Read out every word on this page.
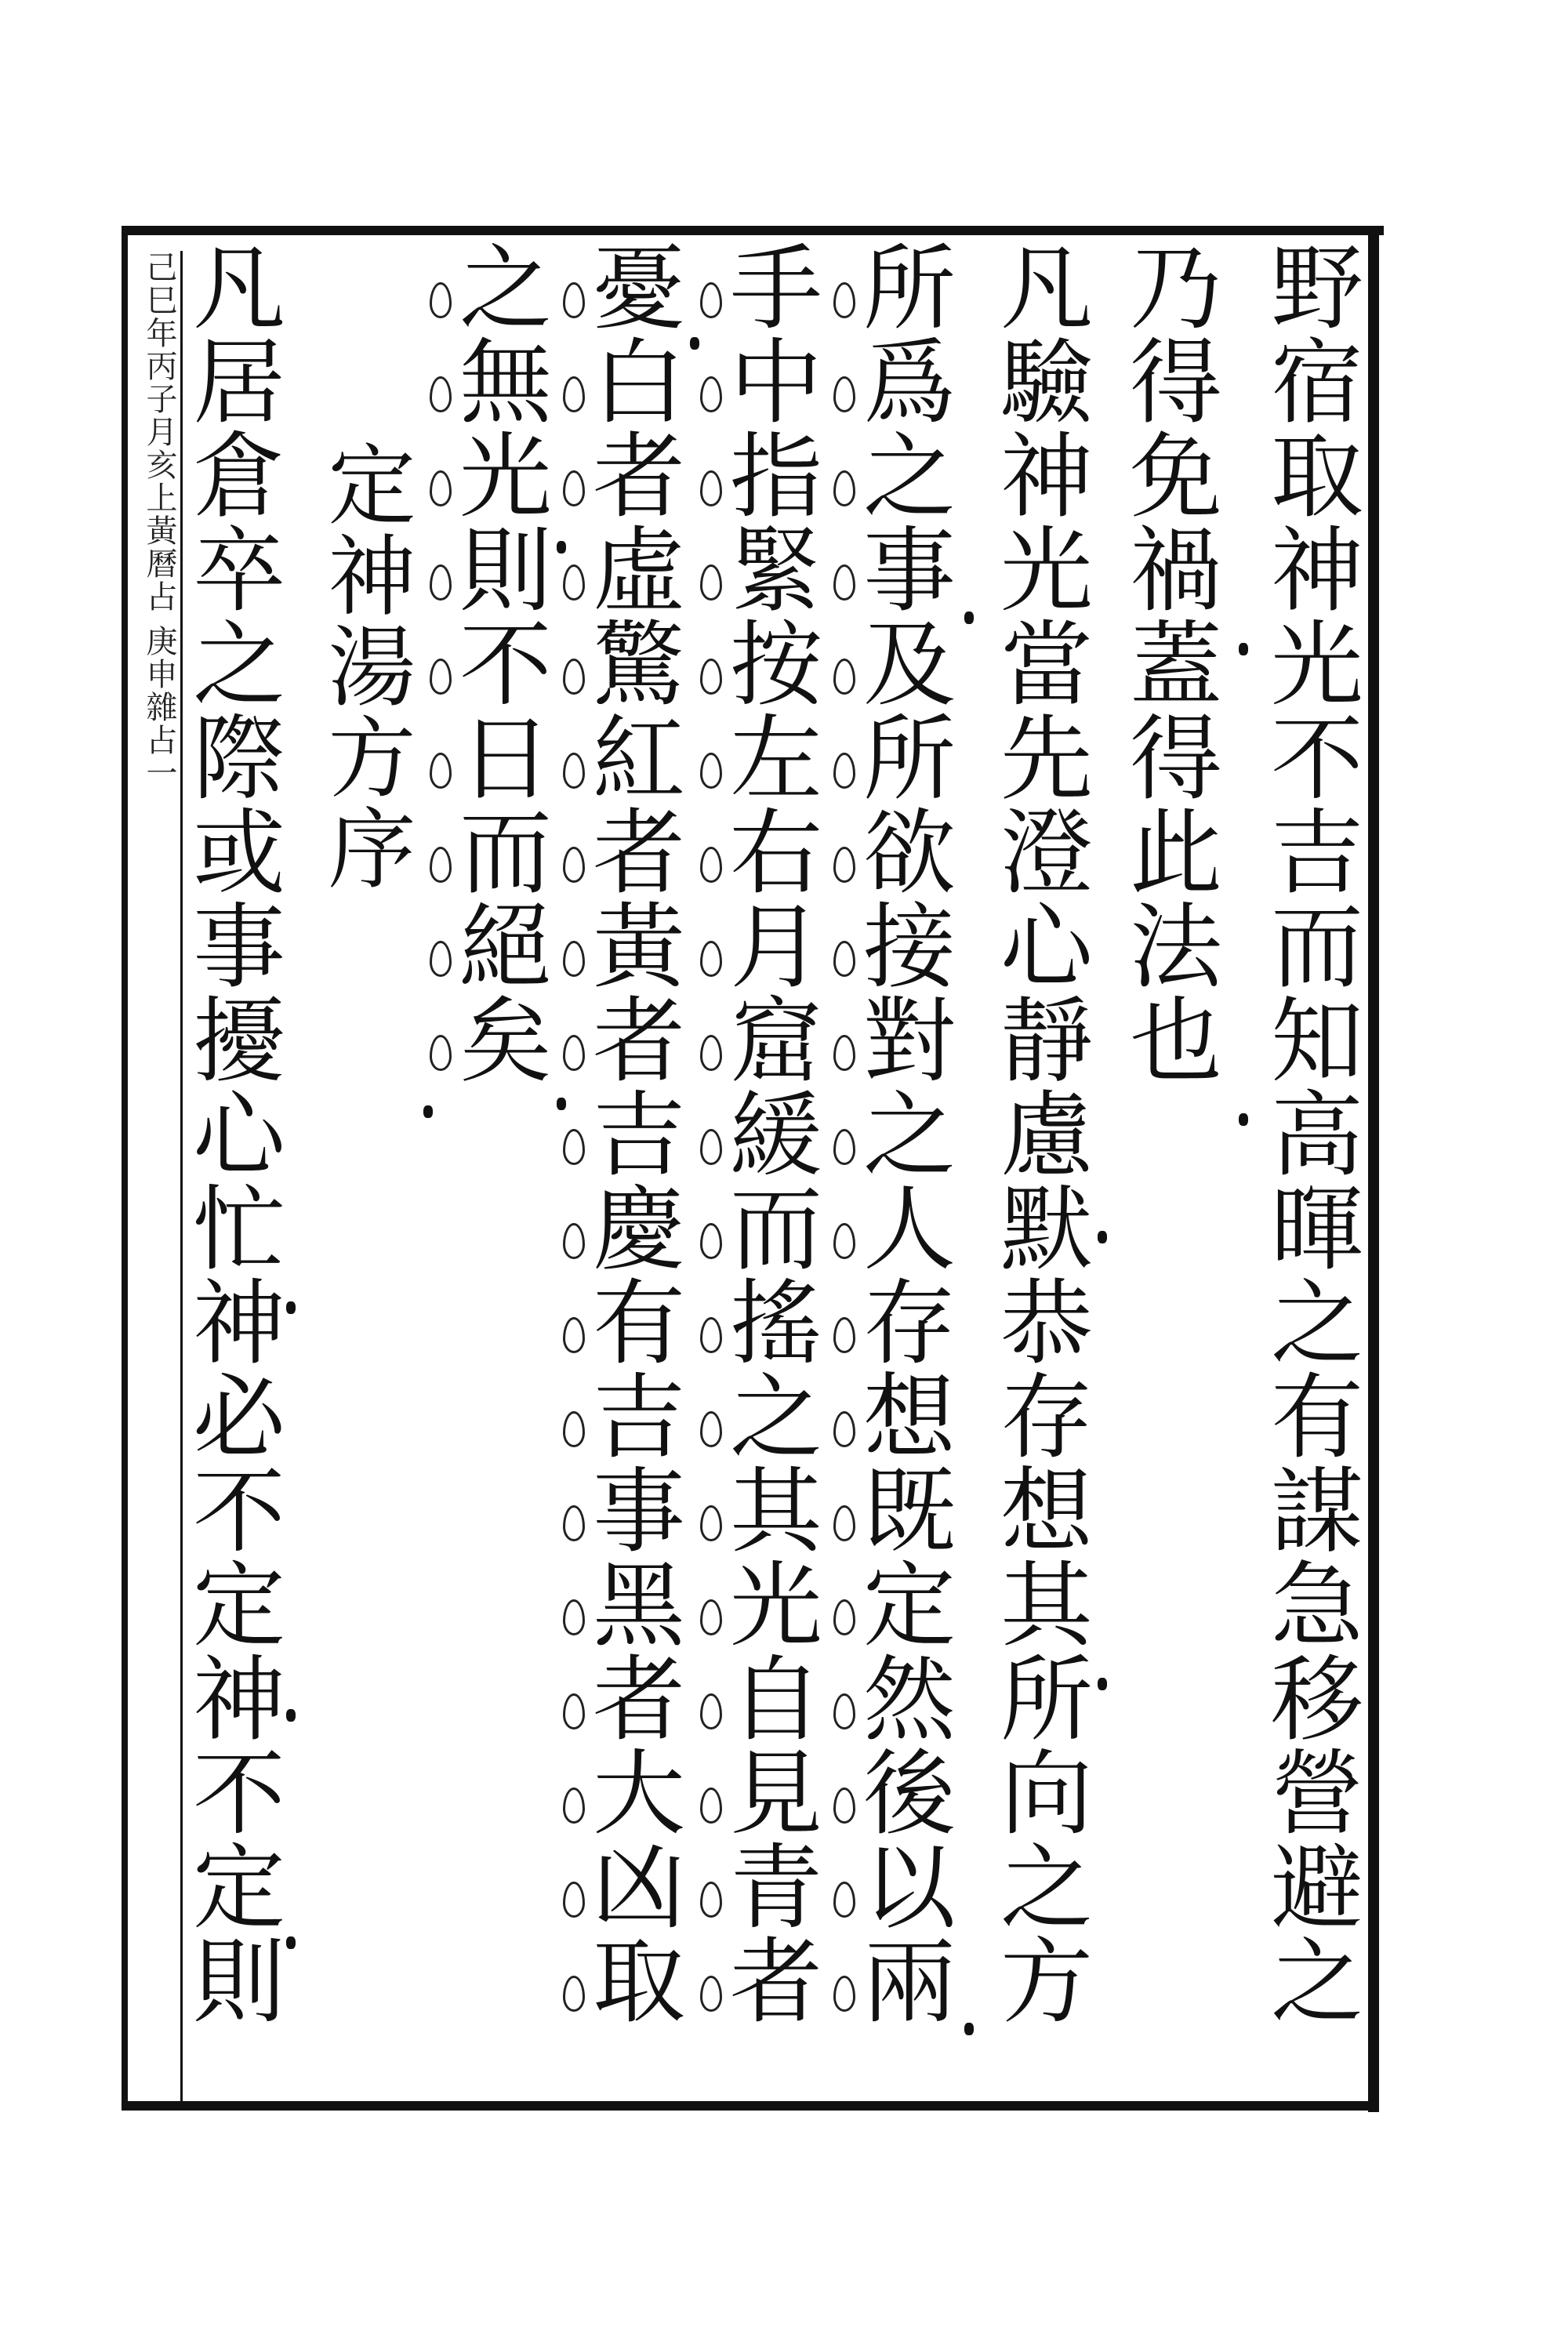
己巳年丙子月亥上黃曆占 庚申雜占一	野宿取神光不吉而知高暉之有謀急移營避之
乃得免禍蓋得此法也
凡驗神光當先澄心靜慮默恭存想其所向之方
所爲之事及所欲接對之人存想既定然後以兩
手中指緊按左右月窟緩而搖之其光自見青者
憂白者虛驚紅者黃者吉慶有吉事黑者大凶取
之無光則不日而絕矣
定神湯方序
凡居倉卒之際或事擾心忙神必不定神不定則
